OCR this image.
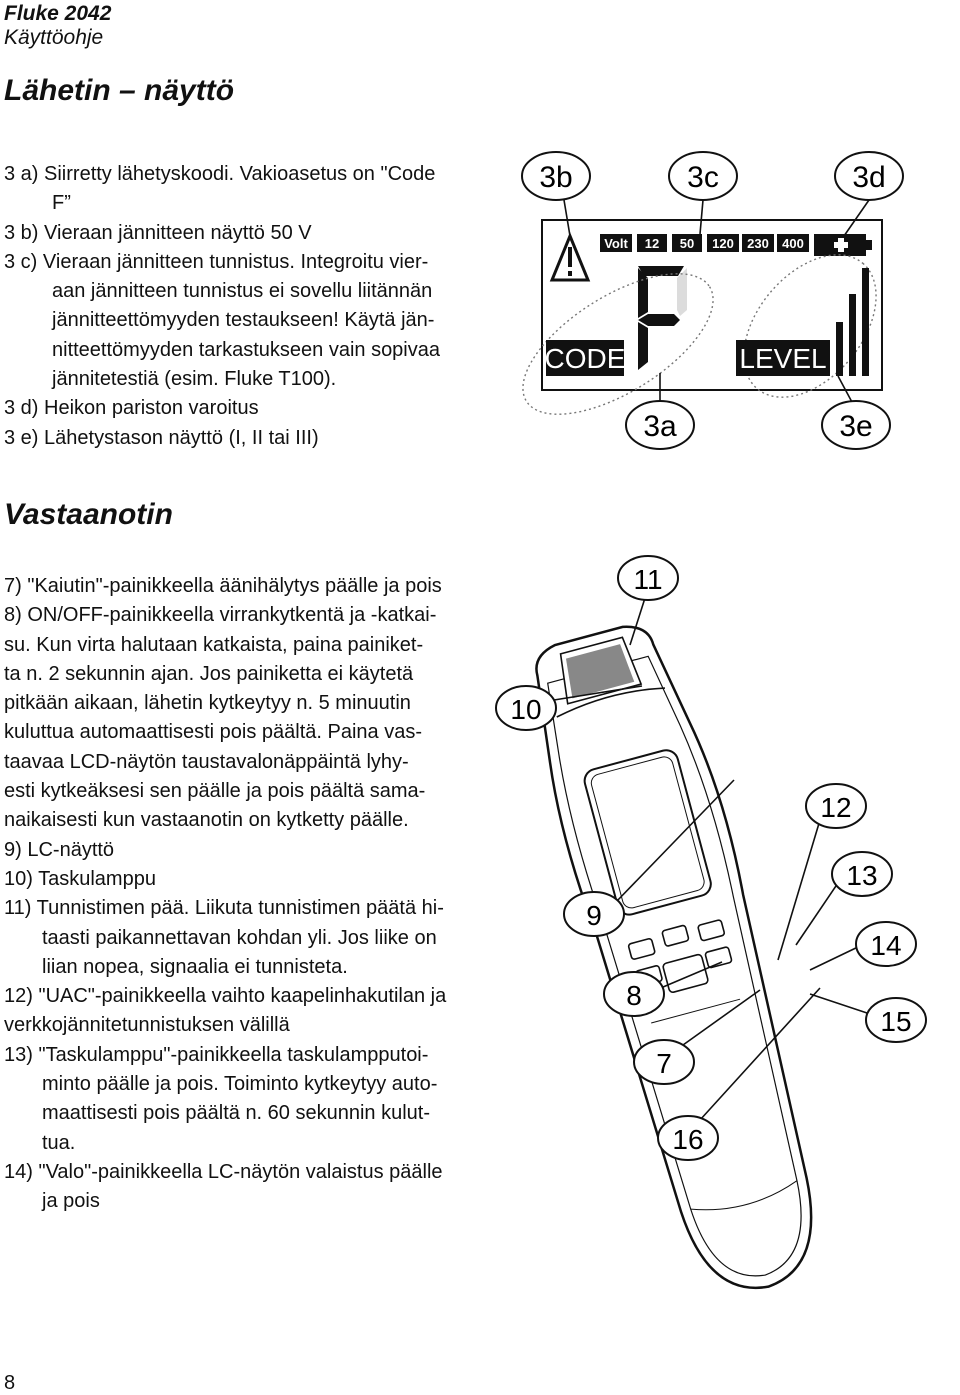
Fluke 2042
Käyttöohje
Lähetin – näyttö

3 a) Siirretty lähetyskoodi. Vakioasetus on "Code

F”

3 b) Vieraan jännitteen näyttö 50 V

3 c) Vieraan jännitteen tunnistus. Integroitu vier-

aan jännitteen tunnistus ei sovellu liitännän

jännitteettömyyden testaukseen! Käytä jän-

nitteettömyyden tarkastukseen vain sopivaa

jännitetestiä (esim. Fluke T100).

3 d) Heikon pariston varoitus

3 e) Lähetystason näyttö (I, II tai III)

3b	3c	3d
Volt 12 50 120 230 400
CODE	LEVEL
3a	3e
Vastaanotin

7) "Kaiutin"-painikkeella äänihälytys päälle ja pois

8) ON/OFF-painikkeella virrankytkentä ja -katkai-

su. Kun virta halutaan katkaista, paina painiket-

ta n. 2 sekunnin ajan. Jos painiketta ei käytetä

pitkään aikaan, lähetin kytkeytyy n. 5 minuutin

kuluttua automaattisesti pois päältä. Paina vas-

taavaa LCD-näytön taustavalonäppäintä lyhy-

esti kytkeäksesi sen päälle ja pois päältä sama-

naikaisesti kun vastaanotin on kytketty päälle.

9) LC-näyttö

10) Taskulamppu

11) Tunnistimen pää. Liikuta tunnistimen päätä hi-

taasti paikannettavan kohdan yli. Jos liike on

liian nopea, signaalia ei tunnisteta.

12) "UAC"-painikkeella vaihto kaapelinhakutilan ja

verkkojännitetunnistuksen välillä

13) "Taskulamppu"-painikkeella taskulampputoi-

minto päälle ja pois. Toiminto kytkeytyy auto-

maattisesti pois päältä n. 60 sekunnin kulut-

tua.

14) "Valo"-painikkeella LC-näytön valaistus päälle

ja pois

11
10
12
13
9
14
8
15
7
16
8
